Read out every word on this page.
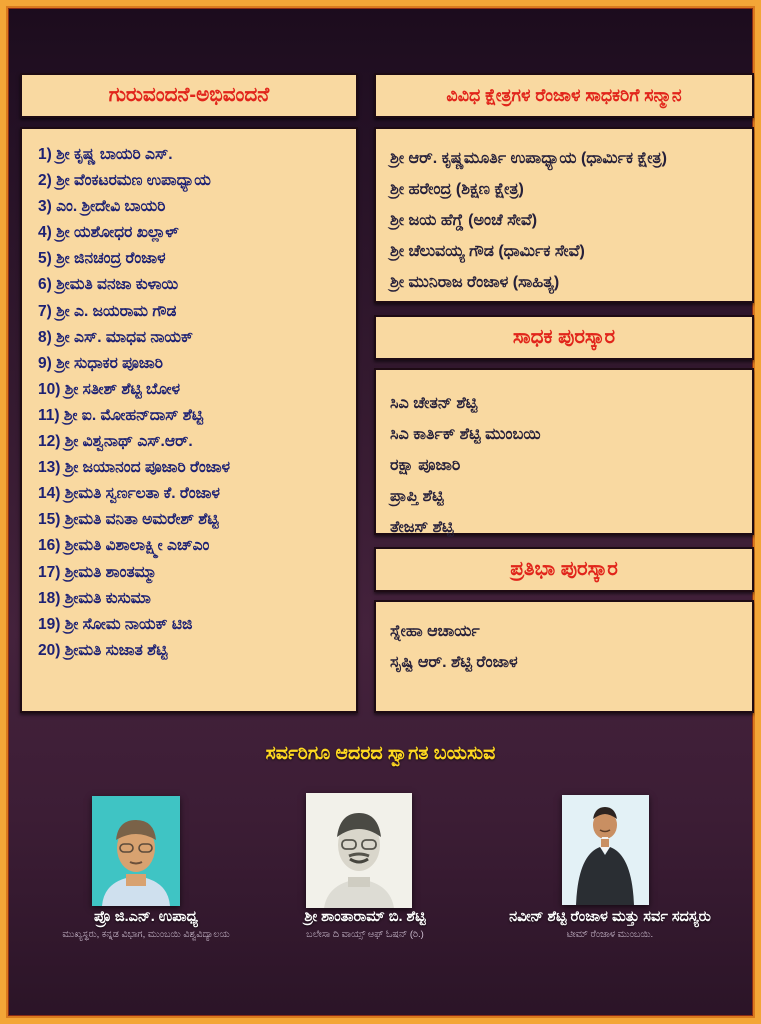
ಗುರುವಂದನೆ-ಅಭಿವಂದನೆ
1) ಶ್ರೀ ಕೃಷ್ಣ ಬಾಯರಿ ಎಸ್.
2) ಶ್ರೀ ವೆಂಕಟರಮಣ ಉಪಾಧ್ಯಾಯ
3) ಎಂ. ಶ್ರೀದೇವಿ ಬಾಯರಿ
4) ಶ್ರೀ ಯಶೋಧರ ಖಲ್ಲಾಳ್
5) ಶ್ರೀ ಜಿನಚಂದ್ರ ರೆಂಜಾಳ
6) ಶ್ರೀಮತಿ ವನಜಾ ಕುಳಾಯಿ
7) ಶ್ರೀ ಎ. ಜಯರಾಮ ಗೌಡ
8) ಶ್ರೀ ಎಸ್. ಮಾಧವ ನಾಯಕ್
9) ಶ್ರೀ ಸುಧಾಕರ ಪೂಜಾರಿ
10) ಶ್ರೀ ಸತೀಶ್ ಶೆಟ್ಟಿ ಬೋಳ
11) ಶ್ರೀ ಐ. ಮೋಹನ್‌ದಾಸ್ ಶೆಟ್ಟಿ
12) ಶ್ರೀ ವಿಶ್ವನಾಥ್ ಎಸ್.ಆರ್.
13) ಶ್ರೀ ಜಯಾನಂದ ಪೂಜಾರಿ ರೆಂಜಾಳ
14) ಶ್ರೀಮತಿ ಸ್ವರ್ಣಲತಾ ಕೆ. ರೆಂಜಾಳ
15) ಶ್ರೀಮತಿ ವನಿತಾ ಅಮರೇಶ್ ಶೆಟ್ಟಿ
16) ಶ್ರೀಮತಿ ವಿಶಾಲಾಕ್ಷ್ಮೀ ಎಚ್‌ಎಂ
17) ಶ್ರೀಮತಿ ಶಾಂತಮ್ಮಾ
18) ಶ್ರೀಮತಿ ಕುಸುಮಾ
19) ಶ್ರೀ ಸೋಮ ನಾಯಕ್ ಟಿಜಿ
20) ಶ್ರೀಮತಿ ಸುಜಾತ ಶೆಟ್ಟಿ
ವಿವಿಧ ಕ್ಷೇತ್ರಗಳ ರೆಂಜಾಳ ಸಾಧಕರಿಗೆ ಸನ್ಮಾನ
ಶ್ರೀ ಆರ್. ಕೃಷ್ಣಮೂರ್ತಿ ಉಪಾಧ್ಯಾಯ (ಧಾರ್ಮಿಕ ಕ್ಷೇತ್ರ)
ಶ್ರೀ ಹರೇಂದ್ರ (ಶಿಕ್ಷಣ ಕ್ಷೇತ್ರ)
ಶ್ರೀ ಜಯ ಹೆಗ್ಡೆ (ಅಂಚೆ ಸೇವೆ)
ಶ್ರೀ ಚೆಲುವಯ್ಯ ಗೌಡ (ಧಾರ್ಮಿಕ ಸೇವೆ)
ಶ್ರೀ ಮುನಿರಾಜ ರೆಂಜಾಳ (ಸಾಹಿತ್ಯ)
ಸಾಧಕ ಪುರಸ್ಕಾರ
ಸಿಎ ಚೇತನ್ ಶೆಟ್ಟಿ
ಸಿಎ ಕಾರ್ತಿಕ್ ಶೆಟ್ಟಿ ಮುಂಬಯಿ
ರಕ್ಷಾ ಪೂಜಾರಿ
ಪ್ರಾಪ್ತಿ ಶೆಟ್ಟಿ
ತೇಜಸ್ ಶೆಟ್ಟಿ
ಪ್ರತಿಭಾ ಪುರಸ್ಕಾರ
ಸ್ನೇಹಾ ಆಚಾರ್ಯ
ಸೃಷ್ಟಿ ಆರ್. ಶೆಟ್ಟಿ ರೆಂಜಾಳ
ಸರ್ವರಿಗೂ ಆದರದ ಸ್ವಾಗತ ಬಯಸುವ
ಪ್ರೊ ಜಿ.ಎನ್. ಉಪಾಧ್ಯ
ಮುಖ್ಯಸ್ಥರು, ಕನ್ನಡ ವಿಭಾಗ, ಮುಂಬಯಿ ವಿಶ್ವವಿದ್ಯಾಲಯ
ಶ್ರೀ ಶಾಂತಾರಾಮ್ ಬಿ. ಶೆಟ್ಟಿ
ಬಲೇಸಾ ದಿ ವಾಯ್ಸ್ ಆಫ್ ಓಷನ್ (ರಿ.)
ನವೀನ್ ಶೆಟ್ಟಿ ರೆಂಜಾಳ ಮತ್ತು ಸರ್ವ ಸದಸ್ಯರು
ಟೀಮ್ ರೆಂಜಾಳ ಮುಂಬಯಿ.
